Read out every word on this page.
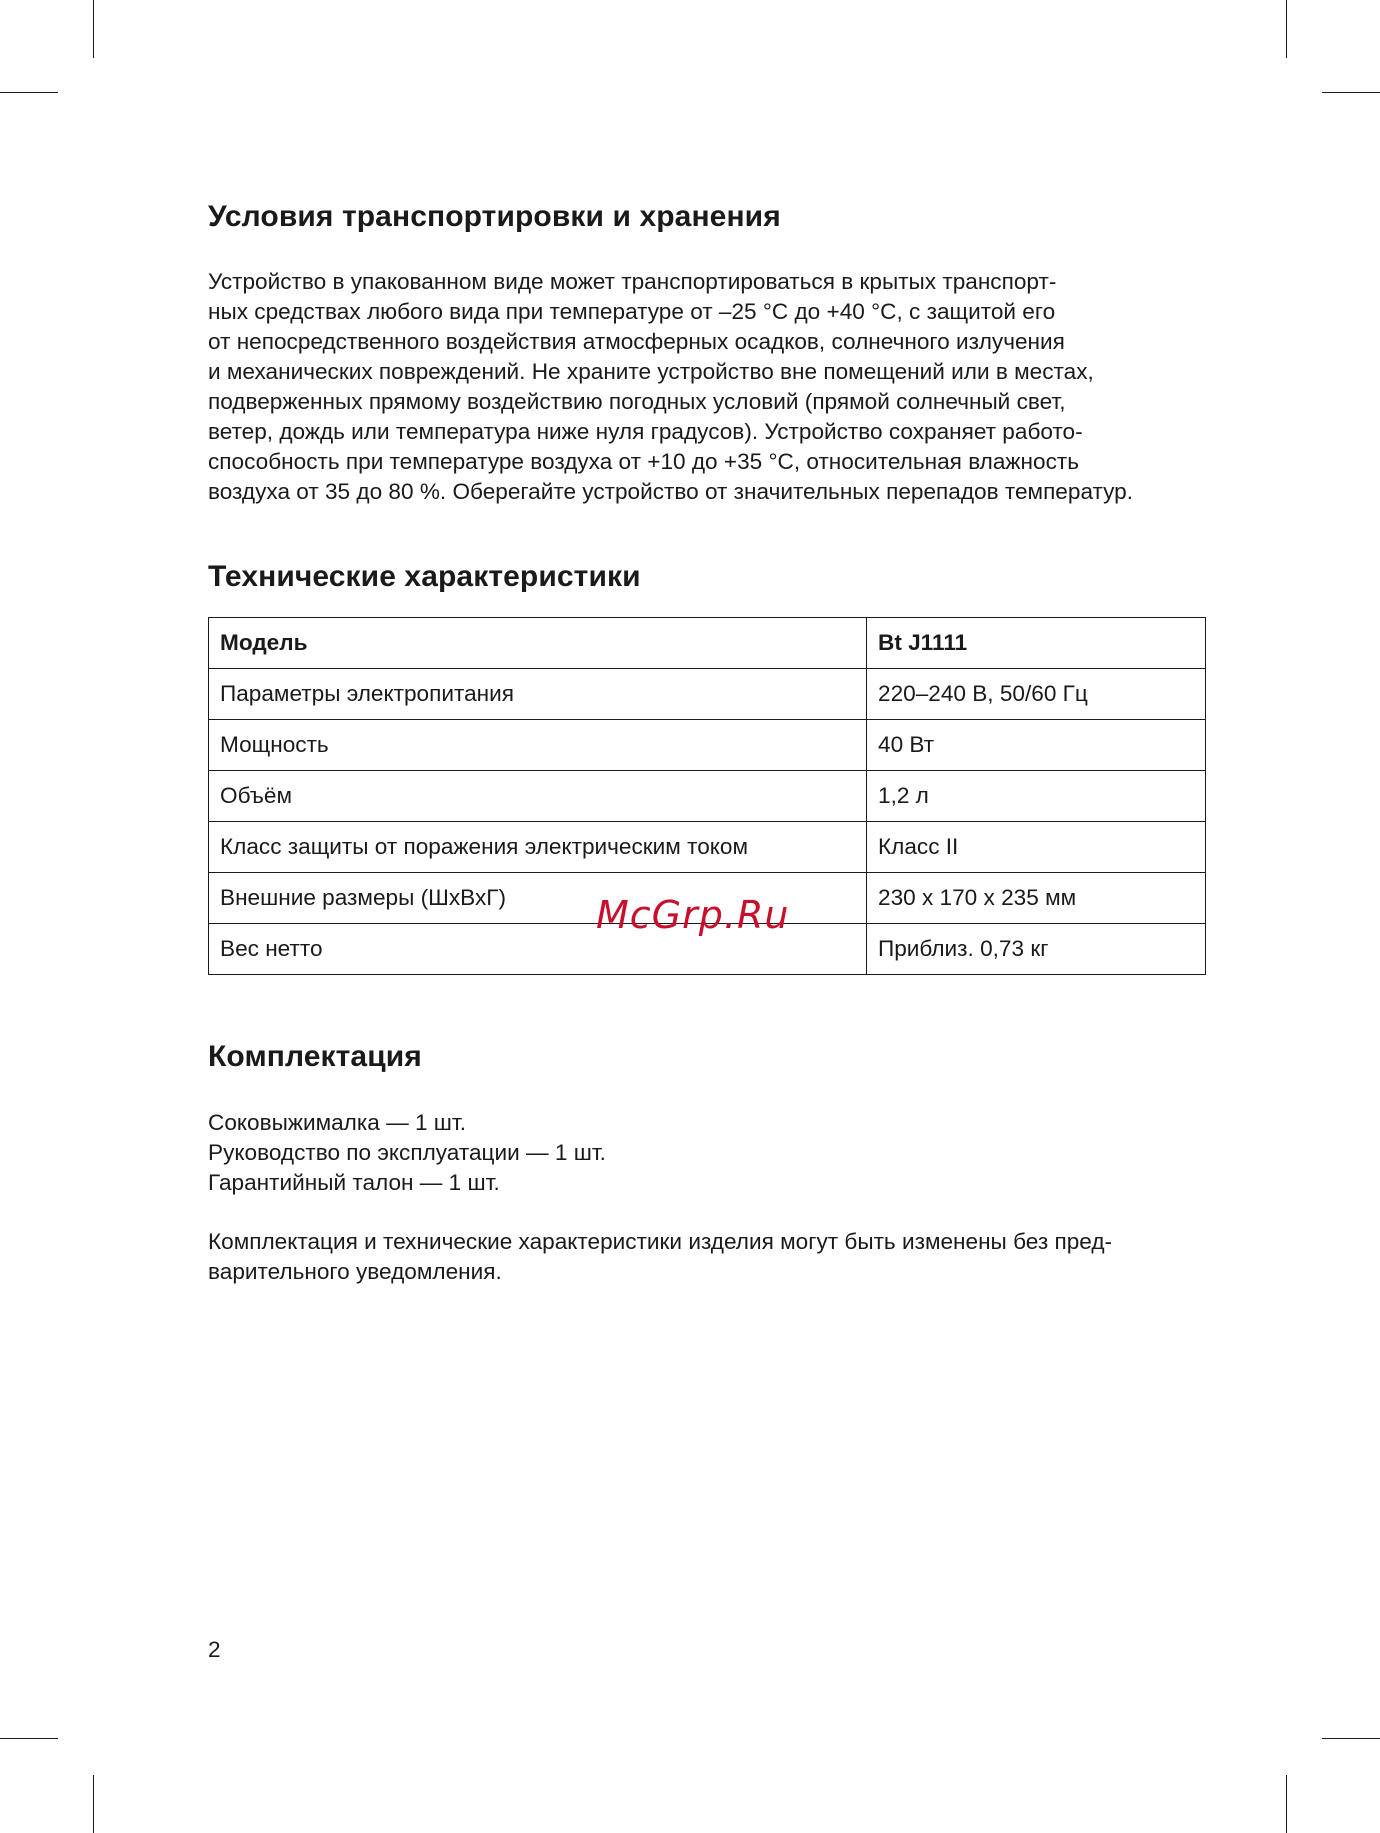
Условия транспортировки и хранения
Устройство в упакованном виде может транспортироваться в крытых транспорт-
ных средствах любого вида при температуре от –25 °С до +40 °С, с защитой его
от непосредственного воздействия атмосферных осадков, солнечного излучения
и механических повреждений. Не храните устройство вне помещений или в местах,
подверженных прямому воздействию погодных условий (прямой солнечный свет,
ветер, дождь или температура ниже нуля градусов). Устройство сохраняет работо-
способность при температуре воздуха от +10 до +35 °С, относительная влажность
воздуха от 35 до 80 %. Оберегайте устройство от значительных перепадов температур.
Технические характеристики
Модель	Bt J1111
Параметры электропитания	220–240 В, 50/60 Гц
Мощность	40 Вт
Объём	1,2 л
Класс защиты от поражения электрическим током	Класс II
Внешние размеры (ШхВхГ)	230 x 170 x 235 мм
Вес нетто	Приблиз. 0,73 кг
Комплектация
Соковыжималка — 1 шт.
Руководство по эксплуатации — 1 шт.
Гарантийный талон — 1 шт.
Комплектация и технические характеристики изделия могут быть изменены без пред-
варительного уведомления.
McGrp.Ru
2
